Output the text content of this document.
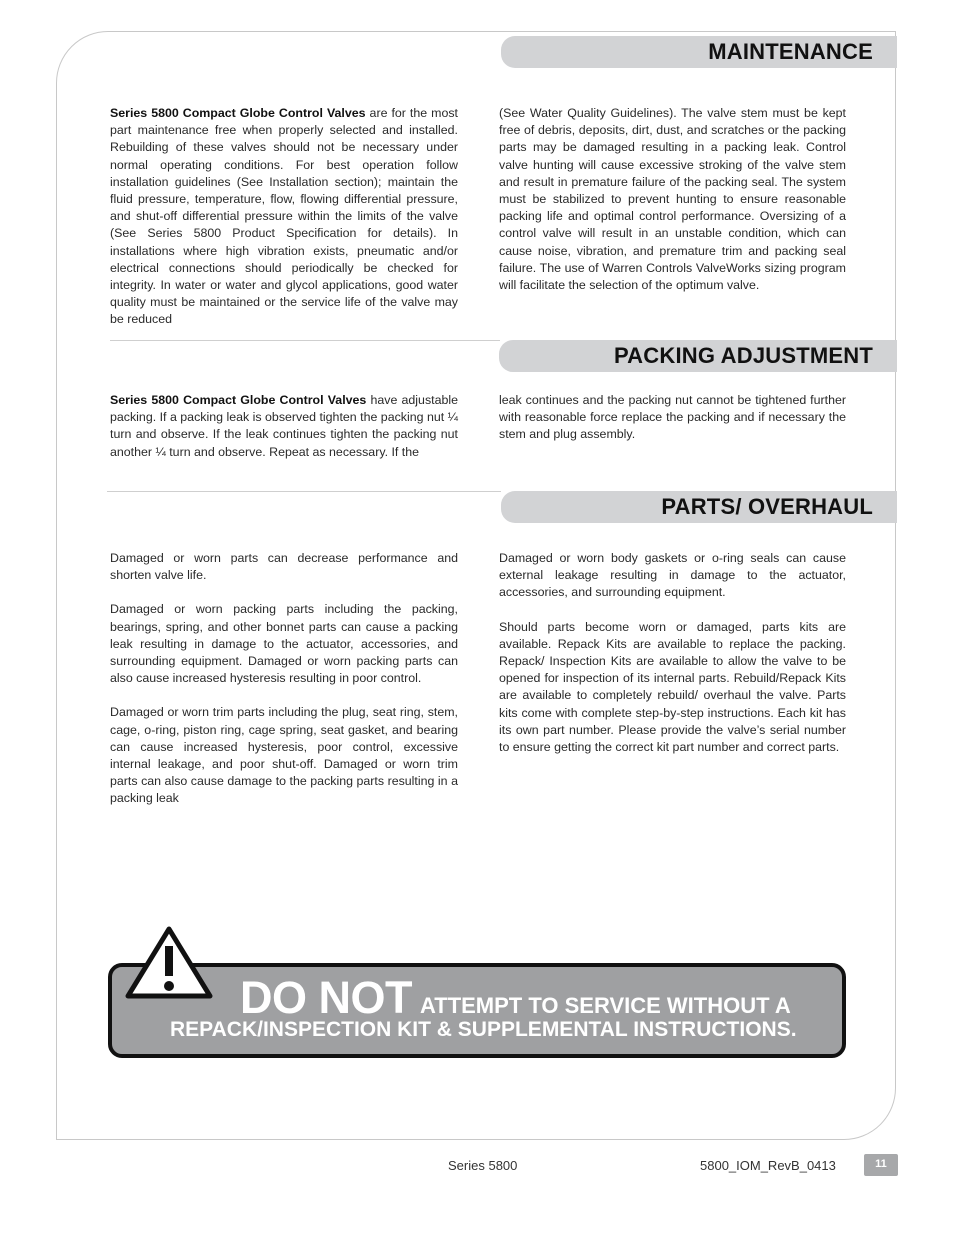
MAINTENANCE

Series 5800 Compact Globe Control Valves are for the most part maintenance free when properly selected and installed. Rebuilding of these valves should not be necessary under normal operating conditions. For best operation follow installation guidelines (See Installation section); maintain the fluid pressure, temperature, flow, flowing differential pressure, and shut-off differential pressure within the limits of the valve (See Series 5800 Product Specification for details). In installations where high vibration exists, pneumatic and/or electrical connections should periodically be checked for integrity. In water or water and glycol applications, good water quality must be maintained or the service life of the valve may be reduced

(See Water Quality Guidelines). The valve stem must be kept free of debris, deposits, dirt, dust, and scratches or the packing parts may be damaged resulting in a packing leak. Control valve hunting will cause excessive stroking of the valve stem and result in premature failure of the packing seal. The system must be stabilized to prevent hunting to ensure reasonable packing life and optimal control performance. Oversizing of a control valve will result in an unstable condition, which can cause noise, vibration, and premature trim and packing seal failure. The use of Warren Controls ValveWorks sizing program will facilitate the selection of the optimum valve.

PACKING ADJUSTMENT

Series 5800 Compact Globe Control Valves have adjustable packing. If a packing leak is observed tighten the packing nut ¼ turn and observe. If the leak continues tighten the packing nut another ¼ turn and observe. Repeat as necessary. If the

leak continues and the packing nut cannot be tightened further with reasonable force replace the packing and if necessary the stem and plug assembly.

PARTS/ OVERHAUL

Damaged or worn parts can decrease performance and shorten valve life.

Damaged or worn packing parts including the packing, bearings, spring, and other bonnet parts can cause a packing leak resulting in damage to the actuator, accessories, and surrounding equipment. Damaged or worn packing parts can also cause increased hysteresis resulting in poor control.

Damaged or worn trim parts including the plug, seat ring, stem, cage, o-ring, piston ring, cage spring, seat gasket, and bearing can cause increased hysteresis, poor control, excessive internal leakage, and poor shut-off. Damaged or worn trim parts can also cause damage to the packing parts resulting in a packing leak

Damaged or worn body gaskets or o-ring seals can cause external leakage resulting in damage to the actuator, accessories, and surrounding equipment.

Should parts become worn or damaged, parts kits are available. Repack Kits are available to replace the packing. Repack/ Inspection Kits are available to allow the valve to be opened for inspection of its internal parts. Rebuild/Repack Kits are available to completely rebuild/ overhaul the valve. Parts kits come with complete step-by-step instructions. Each kit has its own part number. Please provide the valve’s serial number to ensure getting the correct kit part number and correct parts.

DO NOT ATTEMPT TO SERVICE WITHOUT A
REPACK/INSPECTION KIT & SUPPLEMENTAL INSTRUCTIONS.
Series 5800	5800_IOM_RevB_0413	11
